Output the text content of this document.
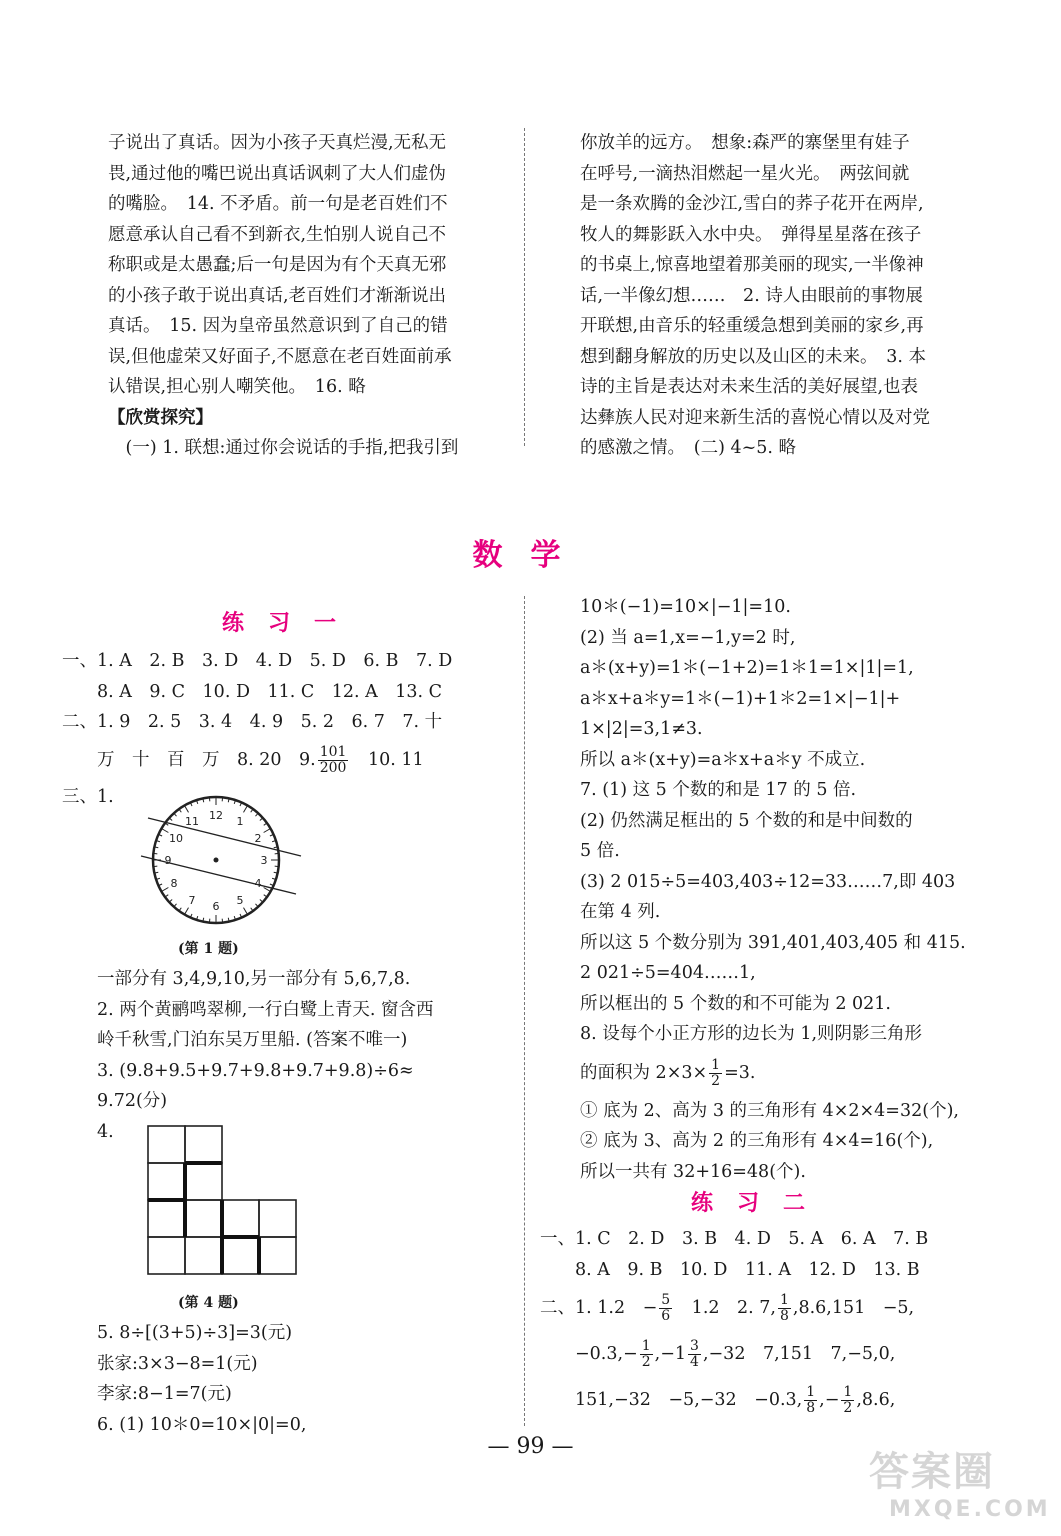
子说出了真话。因为小孩子天真烂漫,无私无
畏,通过他的嘴巴说出真话讽刺了大人们虚伪
的嘴脸。　14. 不矛盾。前一句是老百姓们不
愿意承认自己看不到新衣,生怕别人说自己不
称职或是太愚蠢;后一句是因为有个天真无邪
的小孩子敢于说出真话,老百姓们才渐渐说出
真话。　15. 因为皇帝虽然意识到了自己的错
误,但他虚荣又好面子,不愿意在老百姓面前承
认错误,担心别人嘲笑他。　16. 略
【欣赏探究】
　(一) 1. 联想:通过你会说话的手指,把我引到
你放羊的远方。　想象:森严的寨堡里有娃子
在呼号,一滴热泪燃起一星火光。　两弦间就
是一条欢腾的金沙江,雪白的荞子花开在两岸,
牧人的舞影跃入水中央。　弹得星星落在孩子
的书桌上,惊喜地望着那美丽的现实,一半像神
话,一半像幻想……　2. 诗人由眼前的事物展
开联想,由音乐的轻重缓急想到美丽的家乡,再
想到翻身解放的历史以及山区的未来。　3. 本
诗的主旨是表达对未来生活的美好展望,也表
达彝族人民对迎来新生活的喜悦心情以及对党
的感激之情。　(二) 4~5. 略
数学
练习一
一、1. A　2. B　3. D　4. D　5. D　6. B　7. D
　　8. A　9. C　10. D　11. C　12. A　13. C
二、1. 9　2. 5　3. 4　4. 9　5. 2　6. 7　7. 十
　　万　十　百　万　8. 20　9. $\frac{101}{200}$ 　10. 11
三、1.
12 1
2
3
4
5
6
7
8
9
10
11
(第 1 题)
　　一部分有 3,4,9,10,另一部分有 5,6,7,8.
　　2. 两个黄鹂鸣翠柳,一行白鹭上青天. 窗含西
　　岭千秋雪,门泊东吴万里船. (答案不唯一)
　　3. (9.8+9.5+9.7+9.8+9.7+9.8)÷6≈
　　9.72(分)
　　4.
(第 4 题)
　　5. 8÷[(3+5)÷3]=3(元)
　　张家:3×3−8=1(元)
　　李家:8−1=7(元)
　　6. (1) 10＊0=10×|0|=0,
10＊(−1)=10×|−1|=10.
(2) 当 a=1,x=−1,y=2 时,
a＊(x+y)=1＊(−1+2)=1＊1=1×|1|=1,
a＊x+a＊y=1＊(−1)+1＊2=1×|−1|+
1×|2|=3,1≠3.
所以 a＊(x+y)=a＊x+a＊y 不成立.
7. (1) 这 5 个数的和是 17 的 5 倍.
(2) 仍然满足框出的 5 个数的和是中间数的
5 倍.
(3) 2 015÷5=403,403÷12=33……7,即 403
在第 4 列.
所以这 5 个数分别为 391,401,403,405 和 415.
2 021÷5=404……1,
所以框出的 5 个数的和不可能为 2 021.
8. 设每个小正方形的边长为 1,则阴影三角形
的面积为 $2\times 3\times \frac{1}{2} =3$.
① 底为 2、高为 3 的三角形有 4×2×4=32(个),
② 底为 3、高为 2 的三角形有 4×4=16(个),
所以一共有 32+16=48(个).
练习二
一、1. C　2. D　3. B　4. D　5. A　6. A　7. B
　　8. A　9. B　10. D　11. A　12. D　13. B
二、1. 1.2　− $\frac{5}{6}$ 　1.2　2. 7, $\frac{1}{8} ,8.6,151$　−5,
　　$-0.3,- \frac{1}{2} ,-1 \frac{3}{4} ,-32$　7,151　7,−5,0,
　　151,−32　−5,−32　−0.3, $\frac{1}{8}$ ,− $\frac{1}{2} ,8.6$,
— 99 —
答案圈
MXQE.COM
